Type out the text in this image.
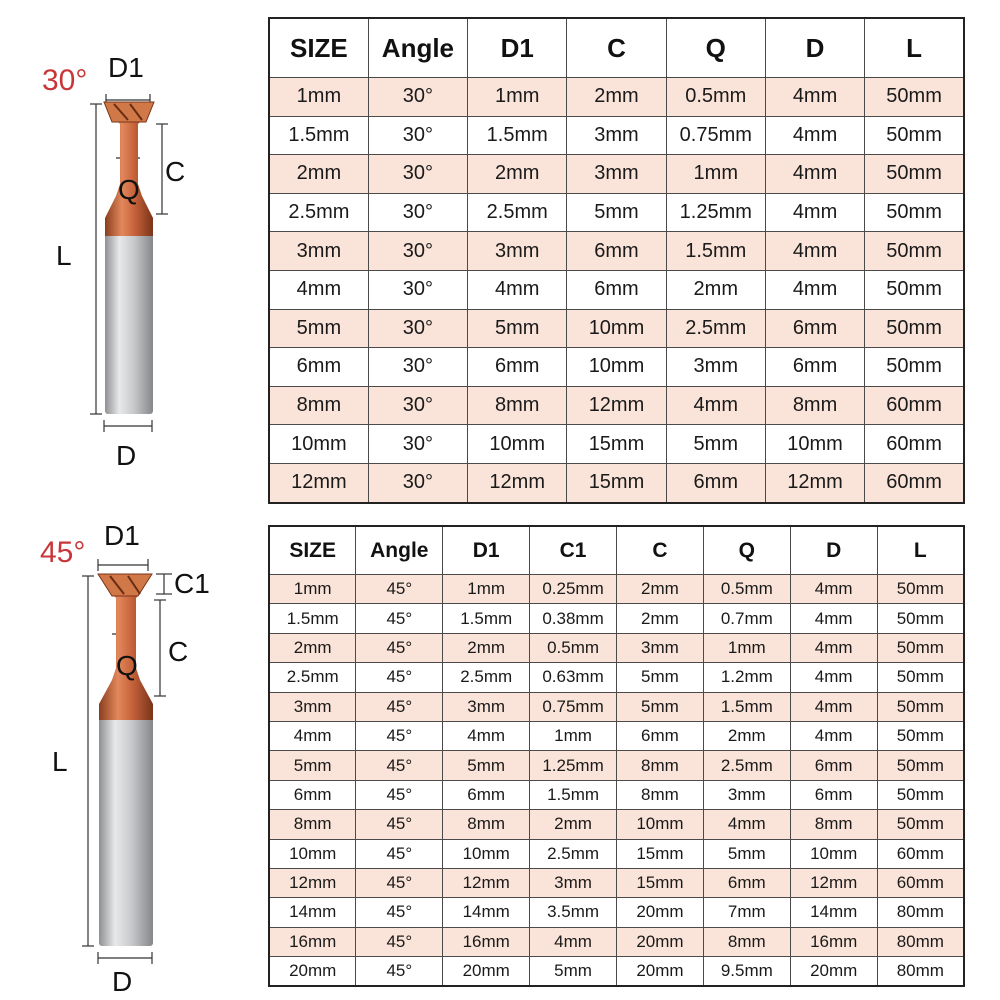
30° D1
C
Q
L
D
SIZE	Angle	D1	C	Q	D	L
1mm	30°	1mm	2mm	0.5mm	4mm	50mm
1.5mm	30°	1.5mm	3mm	0.75mm	4mm	50mm
2mm	30°	2mm	3mm	1mm	4mm	50mm
2.5mm	30°	2.5mm	5mm	1.25mm	4mm	50mm
3mm	30°	3mm	6mm	1.5mm	4mm	50mm
4mm	30°	4mm	6mm	2mm	4mm	50mm
5mm	30°	5mm	10mm	2.5mm	6mm	50mm
6mm	30°	6mm	10mm	3mm	6mm	50mm
8mm	30°	8mm	12mm	4mm	8mm	60mm
10mm	30°	10mm	15mm	5mm	10mm	60mm
12mm	30°	12mm	15mm	6mm	12mm	60mm
45°
D1
C1
C
Q
L
D
SIZE	Angle	D1	C1	C	Q	D	L
1mm	45°	1mm	0.25mm	2mm	0.5mm	4mm	50mm
1.5mm	45°	1.5mm	0.38mm	2mm	0.7mm	4mm	50mm
2mm	45°	2mm	0.5mm	3mm	1mm	4mm	50mm
2.5mm	45°	2.5mm	0.63mm	5mm	1.2mm	4mm	50mm
3mm	45°	3mm	0.75mm	5mm	1.5mm	4mm	50mm
4mm	45°	4mm	1mm	6mm	2mm	4mm	50mm
5mm	45°	5mm	1.25mm	8mm	2.5mm	6mm	50mm
6mm	45°	6mm	1.5mm	8mm	3mm	6mm	50mm
8mm	45°	8mm	2mm	10mm	4mm	8mm	50mm
10mm	45°	10mm	2.5mm	15mm	5mm	10mm	60mm
12mm	45°	12mm	3mm	15mm	6mm	12mm	60mm
14mm	45°	14mm	3.5mm	20mm	7mm	14mm	80mm
16mm	45°	16mm	4mm	20mm	8mm	16mm	80mm
20mm	45°	20mm	5mm	20mm	9.5mm	20mm	80mm
